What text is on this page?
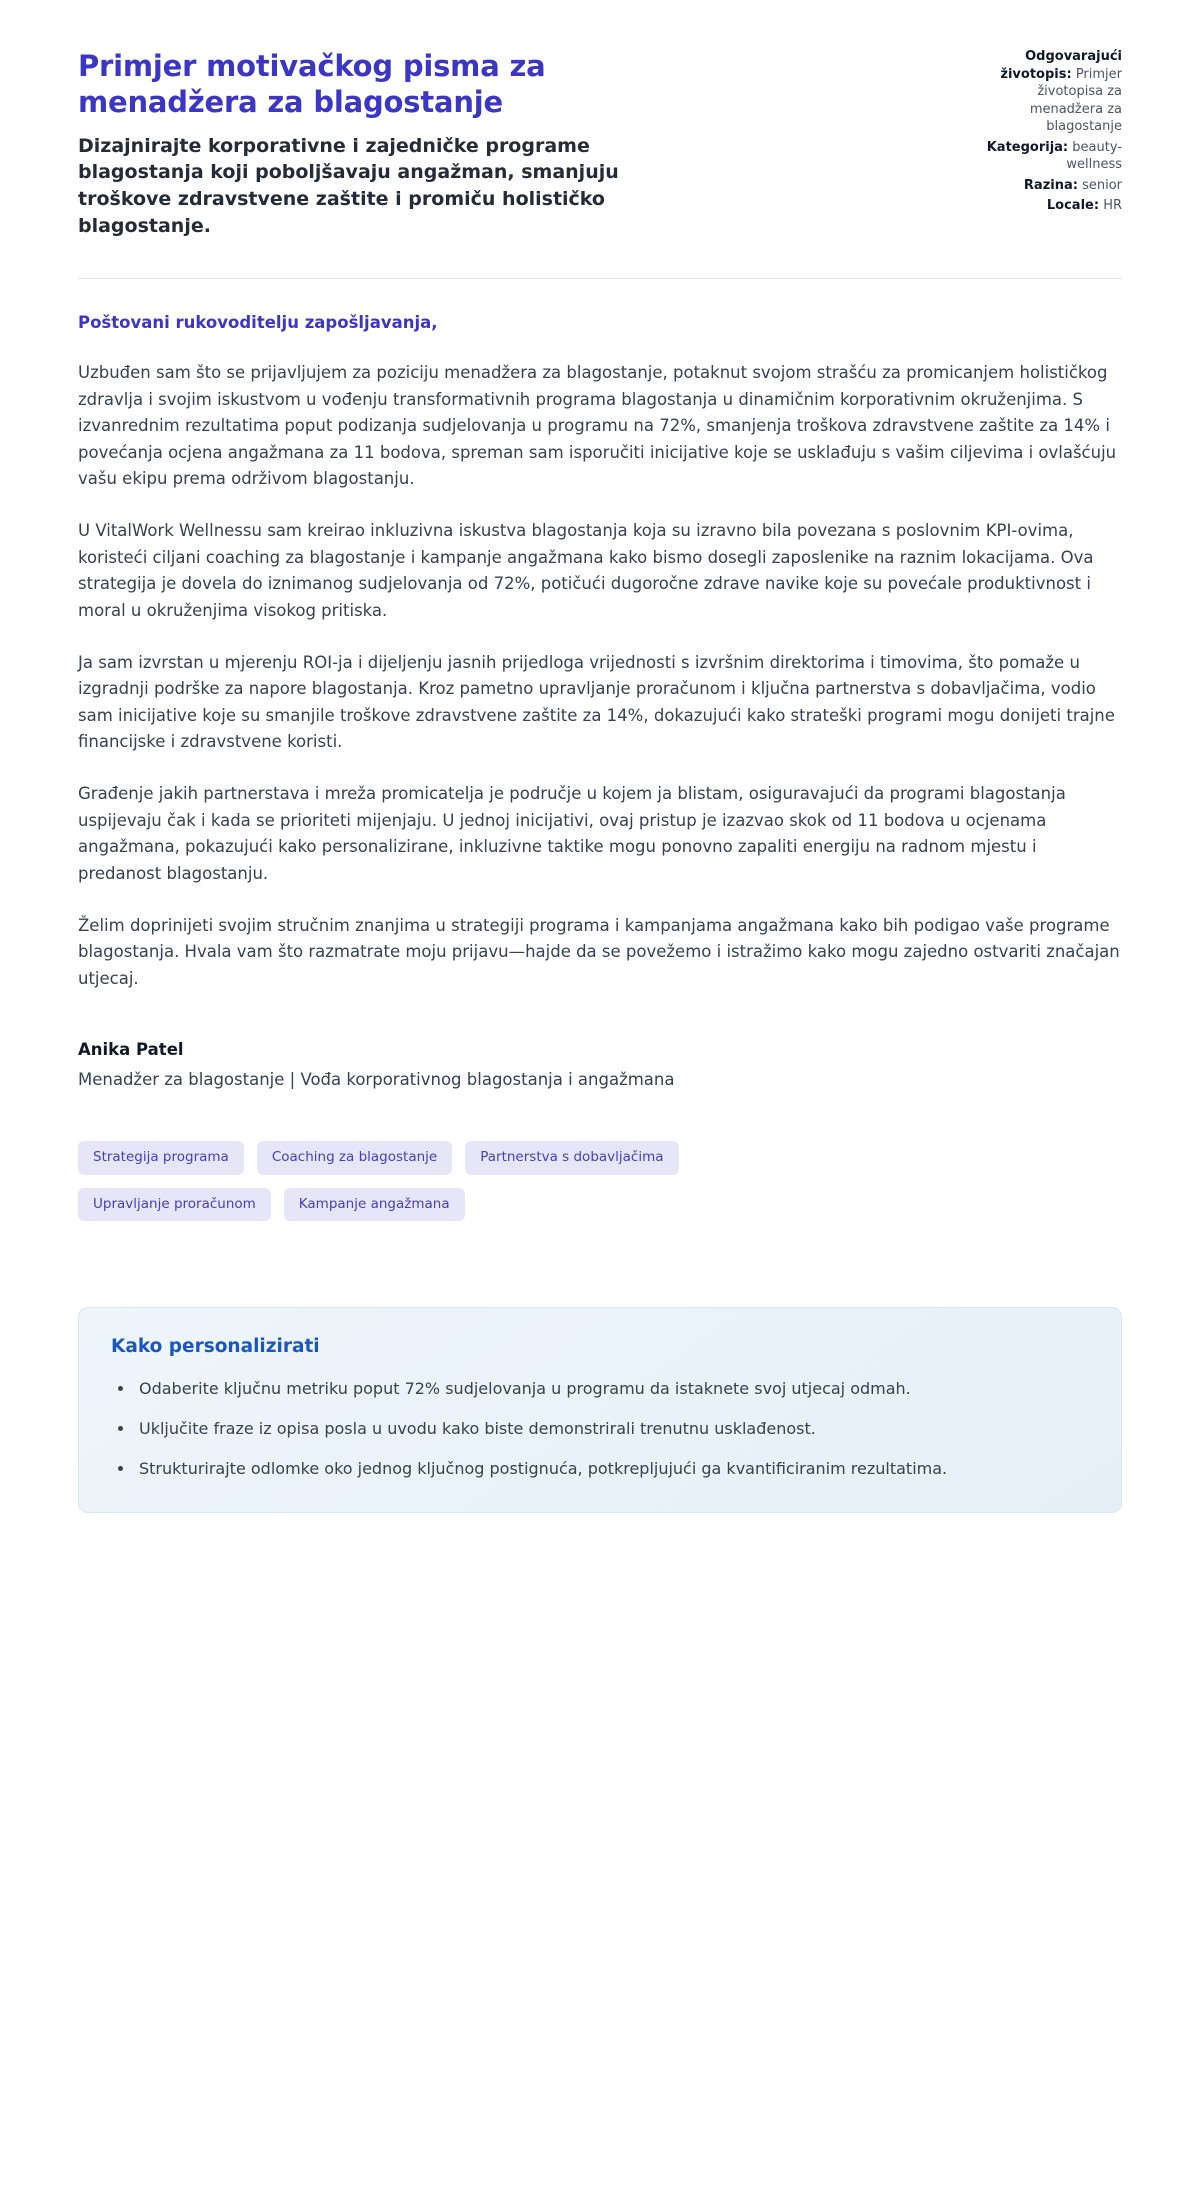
Primjer motivačkog pisma za menadžera za blagostanje

Dizajnirajte korporativne i zajedničke programe blagostanja koji poboljšavaju angažman, smanjuju troškove zdravstvene zaštite i promiču holističko blagostanje.

Odgovarajući životopis: Primjer životopisa za menadžera za blagostanje
Kategorija: beauty-wellness
Razina: senior
Locale: HR

Poštovani rukovoditelju zapošljavanja,

Uzbuđen sam što se prijavljujem za poziciju menadžera za blagostanje, potaknut svojom strašću za promicanjem holističkog zdravlja i svojim iskustvom u vođenju transformativnih programa blagostanja u dinamičnim korporativnim okruženjima. S izvanrednim rezultatima poput podizanja sudjelovanja u programu na 72%, smanjenja troškova zdravstvene zaštite za 14% i povećanja ocjena angažmana za 11 bodova, spreman sam isporučiti inicijative koje se usklađuju s vašim ciljevima i ovlašćuju vašu ekipu prema održivom blagostanju.

U VitalWork Wellnessu sam kreirao inkluzivna iskustva blagostanja koja su izravno bila povezana s poslovnim KPI-ovima, koristeći ciljani coaching za blagostanje i kampanje angažmana kako bismo dosegli zaposlenike na raznim lokacijama. Ova strategija je dovela do iznimanog sudjelovanja od 72%, potičući dugoročne zdrave navike koje su povećale produktivnost i moral u okruženjima visokog pritiska.

Ja sam izvrstan u mjerenju ROI-ja i dijeljenju jasnih prijedloga vrijednosti s izvršnim direktorima i timovima, što pomaže u izgradnji podrške za napore blagostanja. Kroz pametno upravljanje proračunom i ključna partnerstva s dobavljačima, vodio sam inicijative koje su smanjile troškove zdravstvene zaštite za 14%, dokazujući kako strateški programi mogu donijeti trajne financijske i zdravstvene koristi.

Građenje jakih partnerstava i mreža promicatelja je područje u kojem ja blistam, osiguravajući da programi blagostanja uspijevaju čak i kada se prioriteti mijenjaju. U jednoj inicijativi, ovaj pristup je izazvao skok od 11 bodova u ocjenama angažmana, pokazujući kako personalizirane, inkluzivne taktike mogu ponovno zapaliti energiju na radnom mjestu i predanost blagostanju.

Želim doprinijeti svojim stručnim znanjima u strategiji programa i kampanjama angažmana kako bih podigao vaše programe blagostanja. Hvala vam što razmatrate moju prijavu—hajde da se povežemo i istražimo kako mogu zajedno ostvariti značajan utjecaj.

Anika Patel

Menadžer za blagostanje | Vođa korporativnog blagostanja i angažmana

Strategija programa	Coaching za blagostanje	Partnerstva s dobavljačima
Upravljanje proračunom	Kampanje angažmana
Kako personalizirati
• Odaberite ključnu metriku poput 72% sudjelovanja u programu da istaknete svoj utjecaj odmah.
• Uključite fraze iz opisa posla u uvodu kako biste demonstrirali trenutnu usklađenost.
• Strukturirajte odlomke oko jednog ključnog postignuća, potkrepljujući ga kvantificiranim rezultatima.
